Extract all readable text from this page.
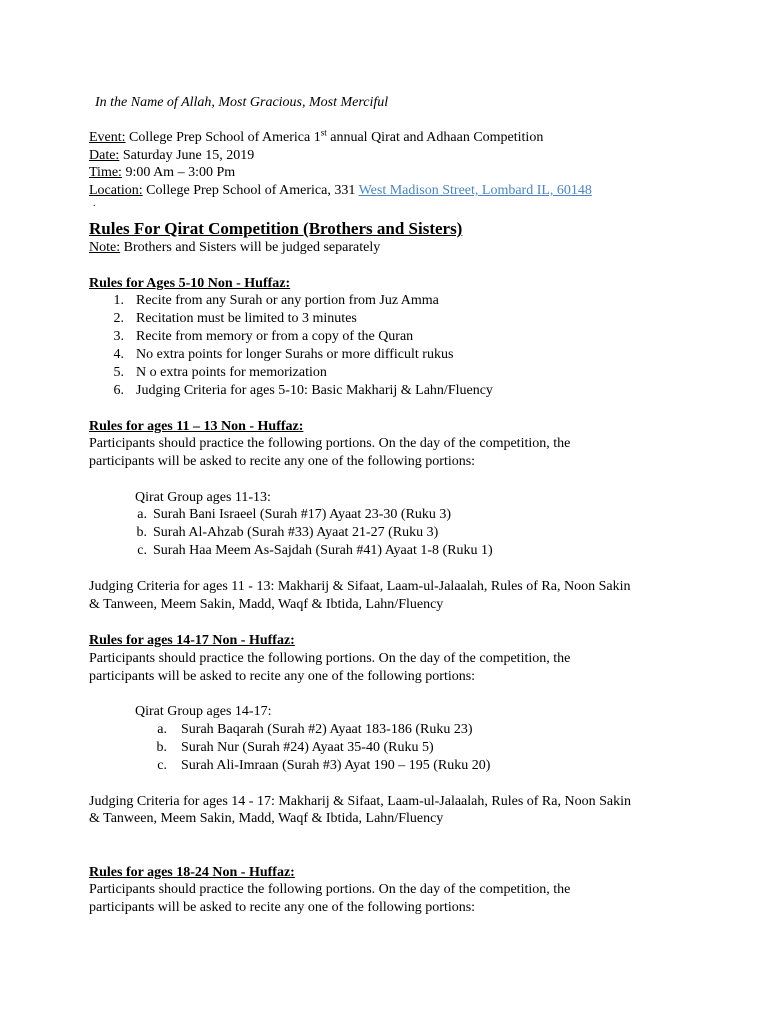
In the Name of Allah, Most Gracious, Most Merciful
Event: College Prep School of America 1st annual Qirat and Adhaan Competition
Date: Saturday June 15, 2019
Time: 9:00 Am – 3:00 Pm
Location: College Prep School of America, 331 West Madison Street, Lombard IL, 60148
.
Rules For Qirat Competition (Brothers and Sisters)
Note: Brothers and Sisters will be judged separately
Rules for Ages 5-10 Non - Huffaz:
1. Recite from any Surah or any portion from Juz Amma
2. Recitation must be limited to 3 minutes
3. Recite from memory or from a copy of the Quran
4. No extra points for longer Surahs or more difficult rukus
5. N o extra points for memorization
6. Judging Criteria for ages 5-10: Basic Makharij & Lahn/Fluency
Rules for ages 11 – 13 Non - Huffaz:
Participants should practice the following portions. On the day of the competition, the
participants will be asked to recite any one of the following portions:
Qirat Group ages 11-13:
a. Surah Bani Israeel (Surah #17) Ayaat 23-30 (Ruku 3)
b. Surah Al-Ahzab (Surah #33) Ayaat 21-27 (Ruku 3)
c. Surah Haa Meem As-Sajdah (Surah #41) Ayaat 1-8 (Ruku 1)
Judging Criteria for ages 11 - 13: Makharij & Sifaat, Laam-ul-Jalaalah, Rules of Ra, Noon Sakin
& Tanween, Meem Sakin, Madd, Waqf & Ibtida, Lahn/Fluency
Rules for ages 14-17 Non - Huffaz:
Participants should practice the following portions. On the day of the competition, the
participants will be asked to recite any one of the following portions:
Qirat Group ages 14-17:
a. Surah Baqarah (Surah #2) Ayaat 183-186 (Ruku 23)
b. Surah Nur (Surah #24) Ayaat 35-40 (Ruku 5)
c. Surah Ali-Imraan (Surah #3) Ayat 190 – 195 (Ruku 20)
Judging Criteria for ages 14 - 17: Makharij & Sifaat, Laam-ul-Jalaalah, Rules of Ra, Noon Sakin
& Tanween, Meem Sakin, Madd, Waqf & Ibtida, Lahn/Fluency
Rules for ages 18-24 Non - Huffaz:
Participants should practice the following portions. On the day of the competition, the
participants will be asked to recite any one of the following portions:
